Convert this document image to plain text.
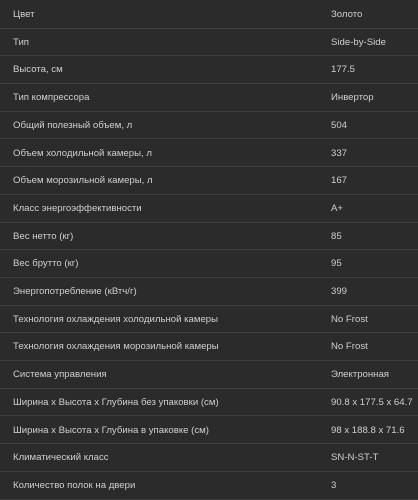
Цвет	Золото
Тип	Side-by-Side
Высота, см	177.5
Тип компрессора	Инвертор
Общий полезный объем, л	504
Объем холодильной камеры, л	337
Объем морозильной камеры, л	167
Класс энергоэффективности	A+
Вес нетто (кг)	85
Вес брутто (кг)	95
Энергопотребление (кВтч/г)	399
Технология охлаждения холодильной камеры	No Frost
Технология охлаждения морозильной камеры	No Frost
Система управления	Электронная
Ширина х Высота х Глубина без упаковки (см)	90.8 x 177.5 x 64.7
Ширина х Высота х Глубина в упаковке (см)	98 x 188.8 x 71.6
Климатический класс	SN-N-ST-T
Количество полок на двери	3
